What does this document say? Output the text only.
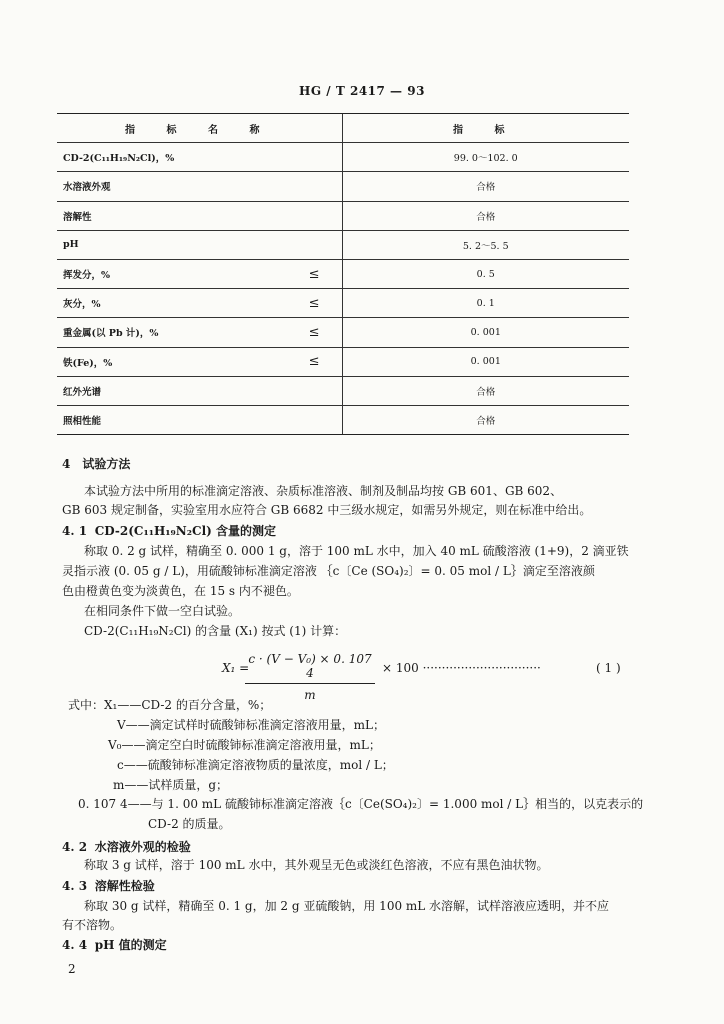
HG / T 2417 — 93
指 标 名 称	指 标

CD-2(C₁₁H₁₉N₂Cl)，%	99. 0～102. 0

水溶液外观	合格

溶解性	合格

pH	5. 2～5. 5

挥发分，% ≤	0. 5

灰分，% ≤	0. 1

重金属(以 Pb 计)，% ≤	0. 001

铁(Fe)，% ≤	0. 001

红外光谱	合格

照相性能	合格
4　试验方法
本试验方法中所用的标准滴定溶液、杂质标准溶液、制剂及制品均按 GB 601、GB 602、
GB 603 规定制备，实验室用水应符合 GB 6682 中三级水规定，如需另外规定，则在标准中给出。
4. 1 CD-2(C₁₁H₁₉N₂Cl) 含量的测定
称取 0. 2 g 试样，精确至 0. 000 1 g，溶于 100 mL 水中，加入 40 mL 硫酸溶液 (1+9)，2 滴亚铁
灵指示液 (0. 05 g / L)，用硫酸铈标准滴定溶液 ｛c〔Ce (SO₄)₂〕= 0. 05 mol / L｝滴定至溶液颜
色由橙黄色变为淡黄色，在 15 s 内不褪色。
在相同条件下做一空白试验。
CD-2(C₁₁H₁₉N₂Cl) 的含量 (X₁) 按式 (1) 计算：
X₁ =
$\frac{\text{c · (V − V₀) × 0. 107 4}}{m} \times 100$ ·······························	( 1 )
式中：X₁——CD-2 的百分含量，%；
V——滴定试样时硫酸铈标准滴定溶液用量，mL；
V₀——滴定空白时硫酸铈标准滴定溶液用量，mL；
c——硫酸铈标准滴定溶液物质的量浓度，mol / L；
m——试样质量，g；
0. 107 4——与 1. 00 mL 硫酸铈标准滴定溶液｛c〔Ce(SO₄)₂〕= 1.000 mol / L｝相当的，以克表示的
CD-2 的质量。
4. 2 水溶液外观的检验
称取 3 g 试样，溶于 100 mL 水中，其外观呈无色或淡红色溶液，不应有黑色油状物。
4. 3 溶解性检验
称取 30 g 试样，精确至 0. 1 g，加 2 g 亚硫酸钠，用 100 mL 水溶解，试样溶液应透明，并不应
有不溶物。
4. 4 pH 值的测定
2
